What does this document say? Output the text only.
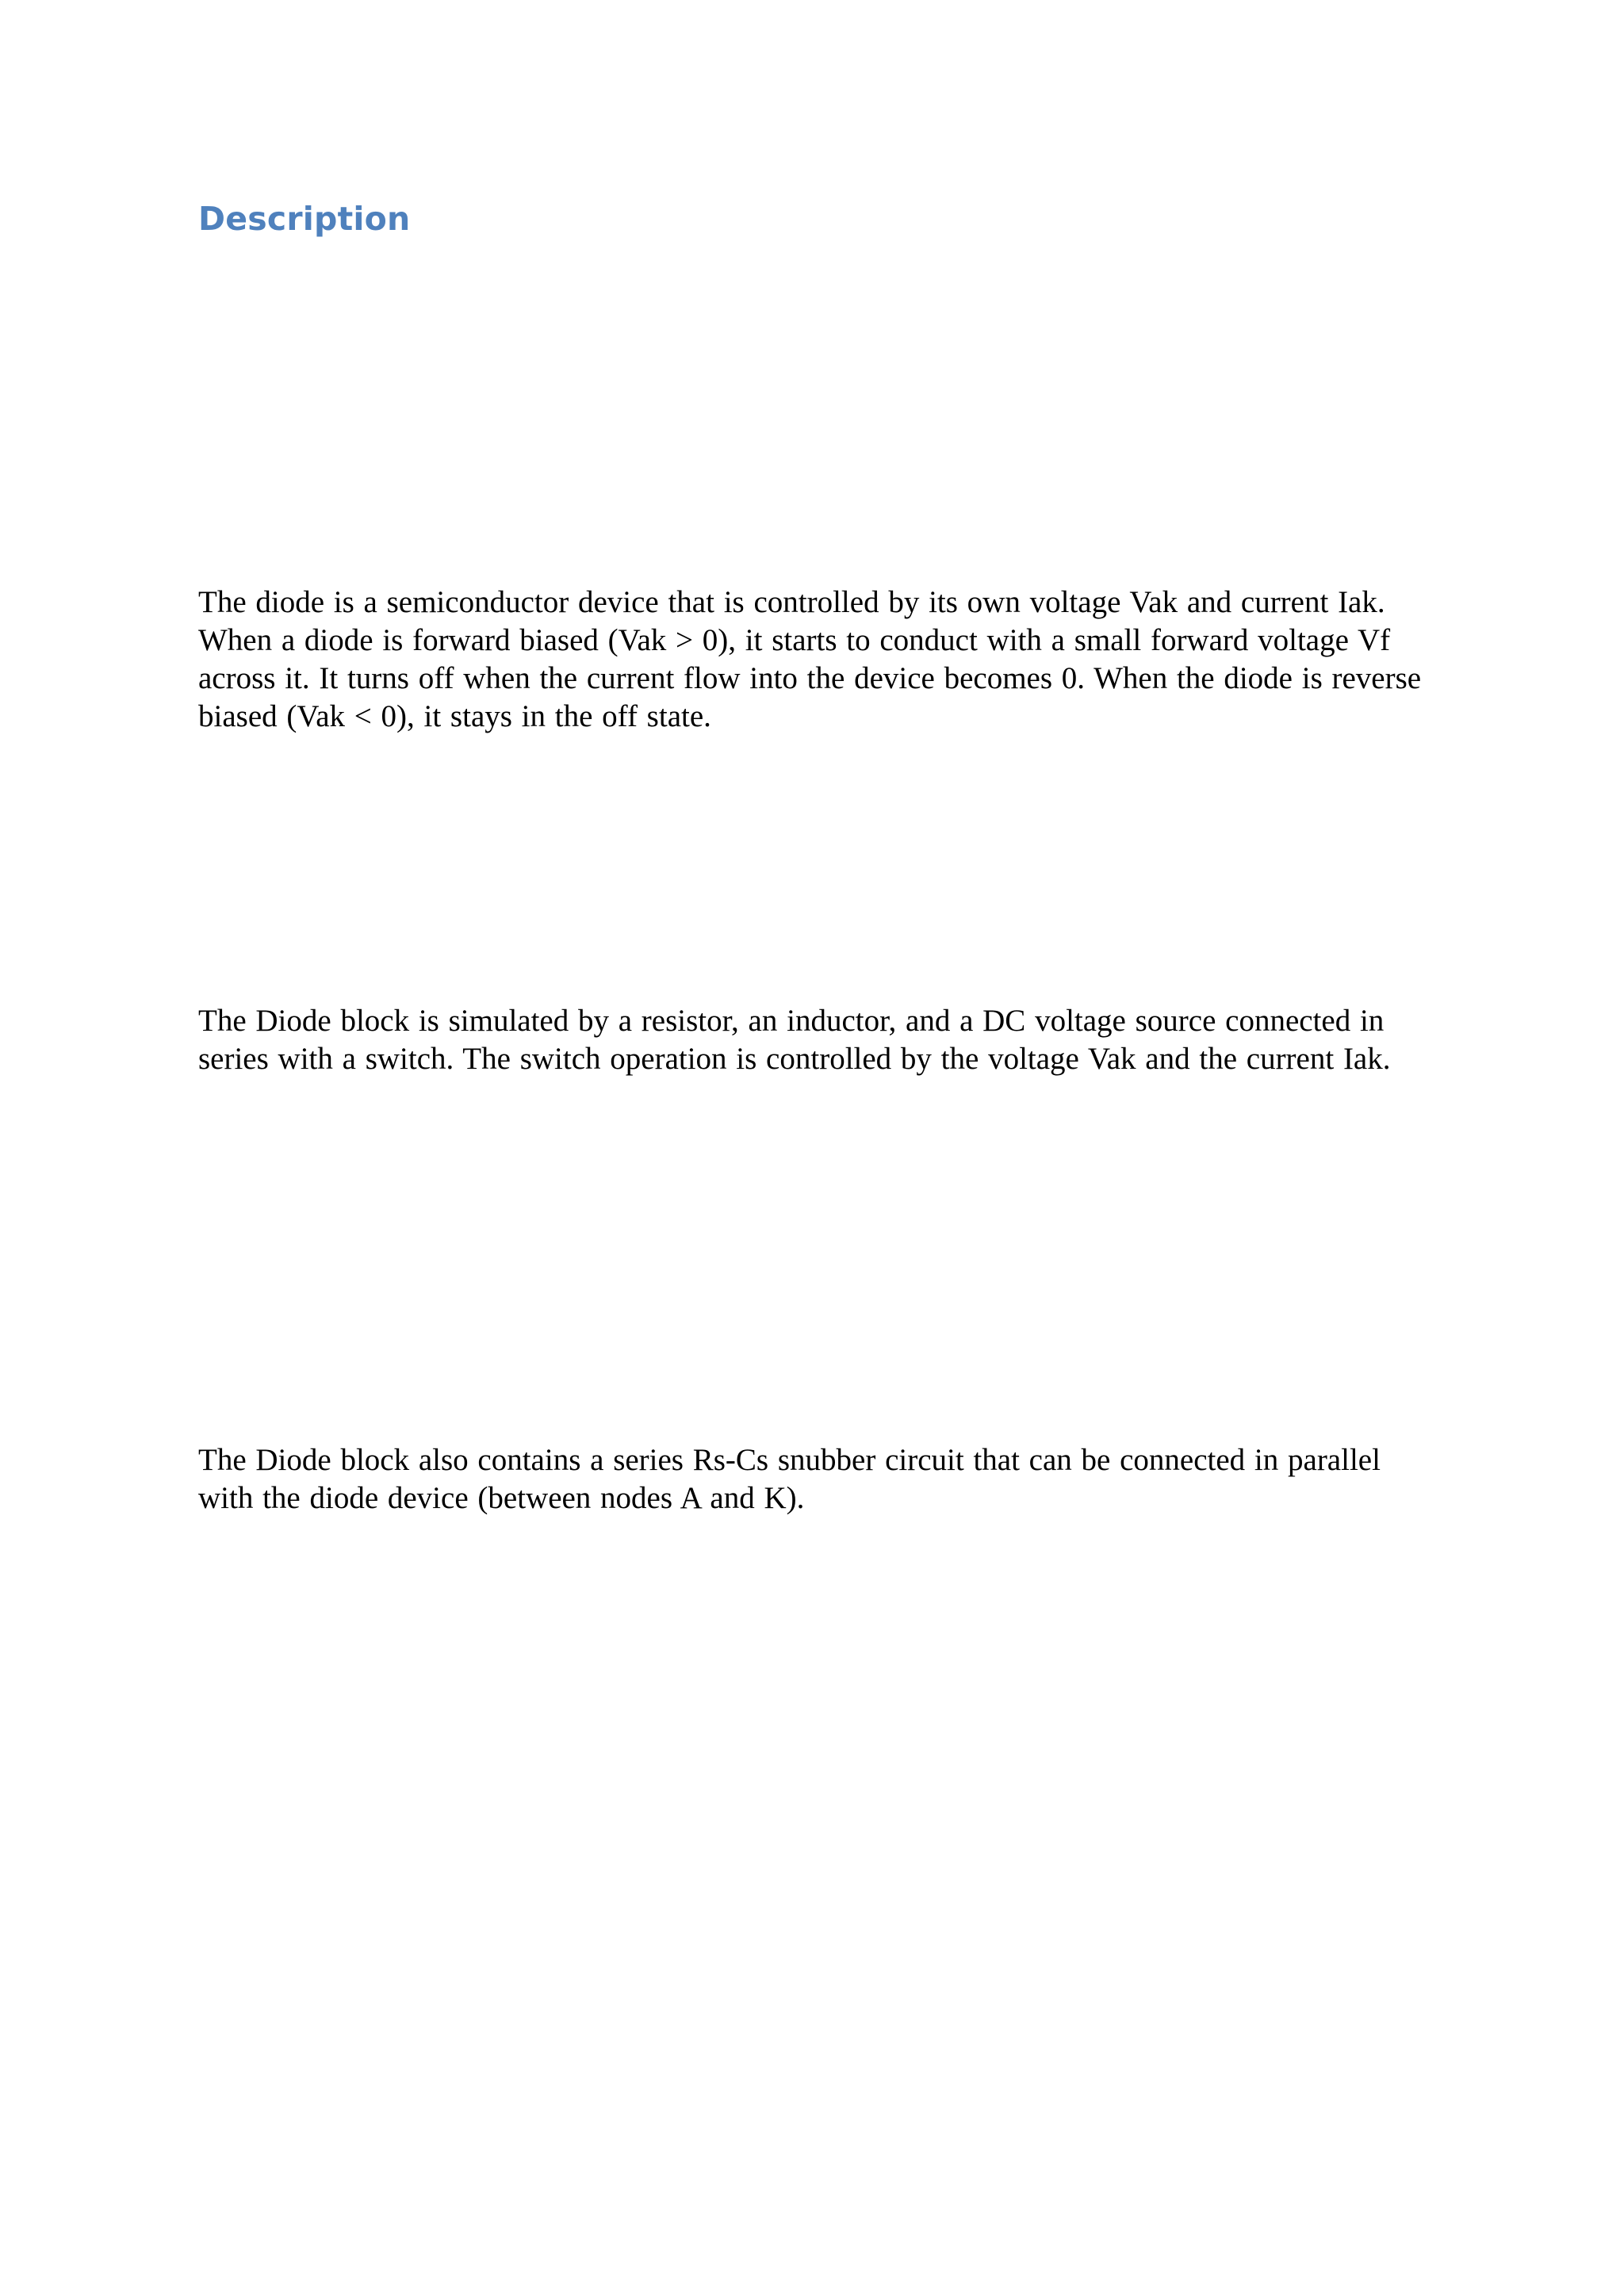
Description

The diode is a semiconductor device that is controlled by its own voltage Vak and current Iak. When a diode is forward biased (Vak > 0), it starts to conduct with a small forward voltage Vf across it. It turns off when the current flow into the device becomes 0. When the diode is reverse biased (Vak < 0), it stays in the off state.

The Diode block is simulated by a resistor, an inductor, and a DC voltage source connected in series with a switch. The switch operation is controlled by the voltage Vak and the current Iak.

The Diode block also contains a series Rs-Cs snubber circuit that can be connected in parallel with the diode device (between nodes A and K).
